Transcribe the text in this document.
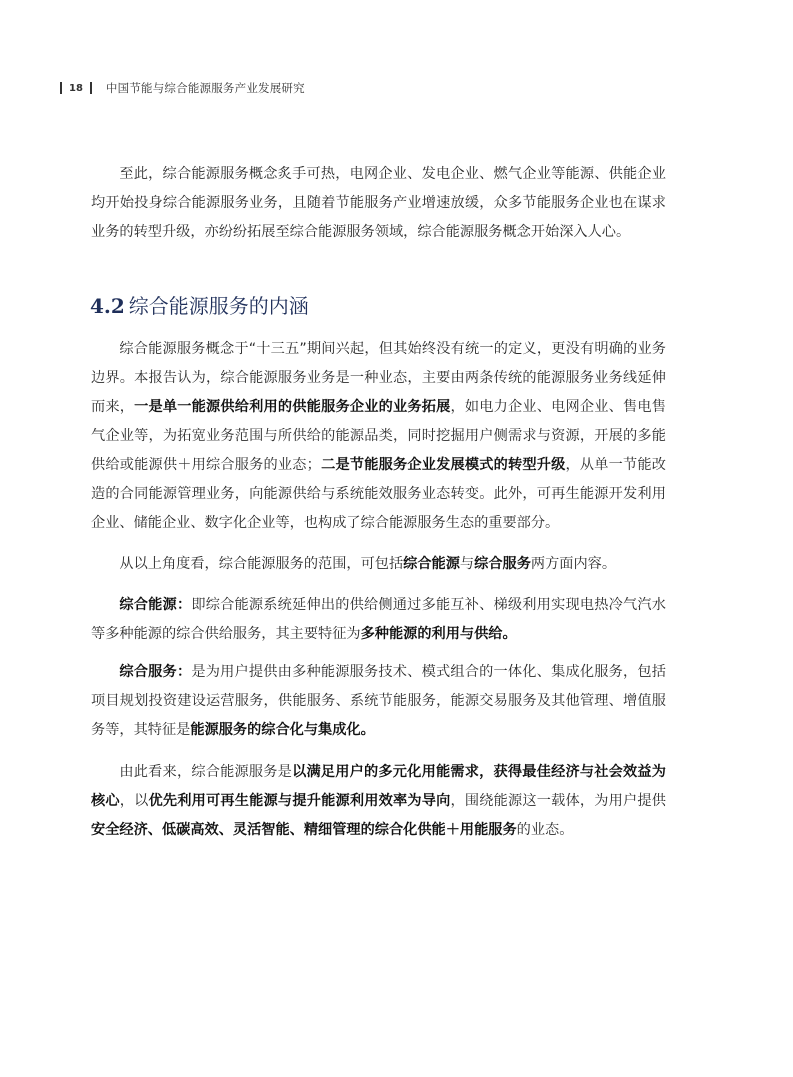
18 中国节能与综合能源服务产业发展研究

至此，综合能源服务概念炙手可热，电网企业、发电企业、燃气企业等能源、供能企业均开始投身综合能源服务业务，且随着节能服务产业增速放缓，众多节能服务企业也在谋求业务的转型升级，亦纷纷拓展至综合能源服务领域，综合能源服务概念开始深入人心。

4.2 综合能源服务的内涵

综合能源服务概念于“十三五”期间兴起，但其始终没有统一的定义，更没有明确的业务边界。本报告认为，综合能源服务业务是一种业态，主要由两条传统的能源服务业务线延伸而来，一是单一能源供给利用的供能服务企业的业务拓展，如电力企业、电网企业、售电售气企业等，为拓宽业务范围与所供给的能源品类，同时挖掘用户侧需求与资源，开展的多能供给或能源供＋用综合服务的业态；二是节能服务企业发展模式的转型升级，从单一节能改造的合同能源管理业务，向能源供给与系统能效服务业态转变。此外，可再生能源开发利用企业、储能企业、数字化企业等，也构成了综合能源服务生态的重要部分。

从以上角度看，综合能源服务的范围，可包括综合能源与综合服务两方面内容。

综合能源：即综合能源系统延伸出的供给侧通过多能互补、梯级利用实现电热冷气汽水等多种能源的综合供给服务，其主要特征为多种能源的利用与供给。

综合服务：是为用户提供由多种能源服务技术、模式组合的一体化、集成化服务，包括项目规划投资建设运营服务，供能服务、系统节能服务，能源交易服务及其他管理、增值服务等，其特征是能源服务的综合化与集成化。

由此看来，综合能源服务是以满足用户的多元化用能需求，获得最佳经济与社会效益为核心，以优先利用可再生能源与提升能源利用效率为导向，围绕能源这一载体，为用户提供安全经济、低碳高效、灵活智能、精细管理的综合化供能＋用能服务的业态。
